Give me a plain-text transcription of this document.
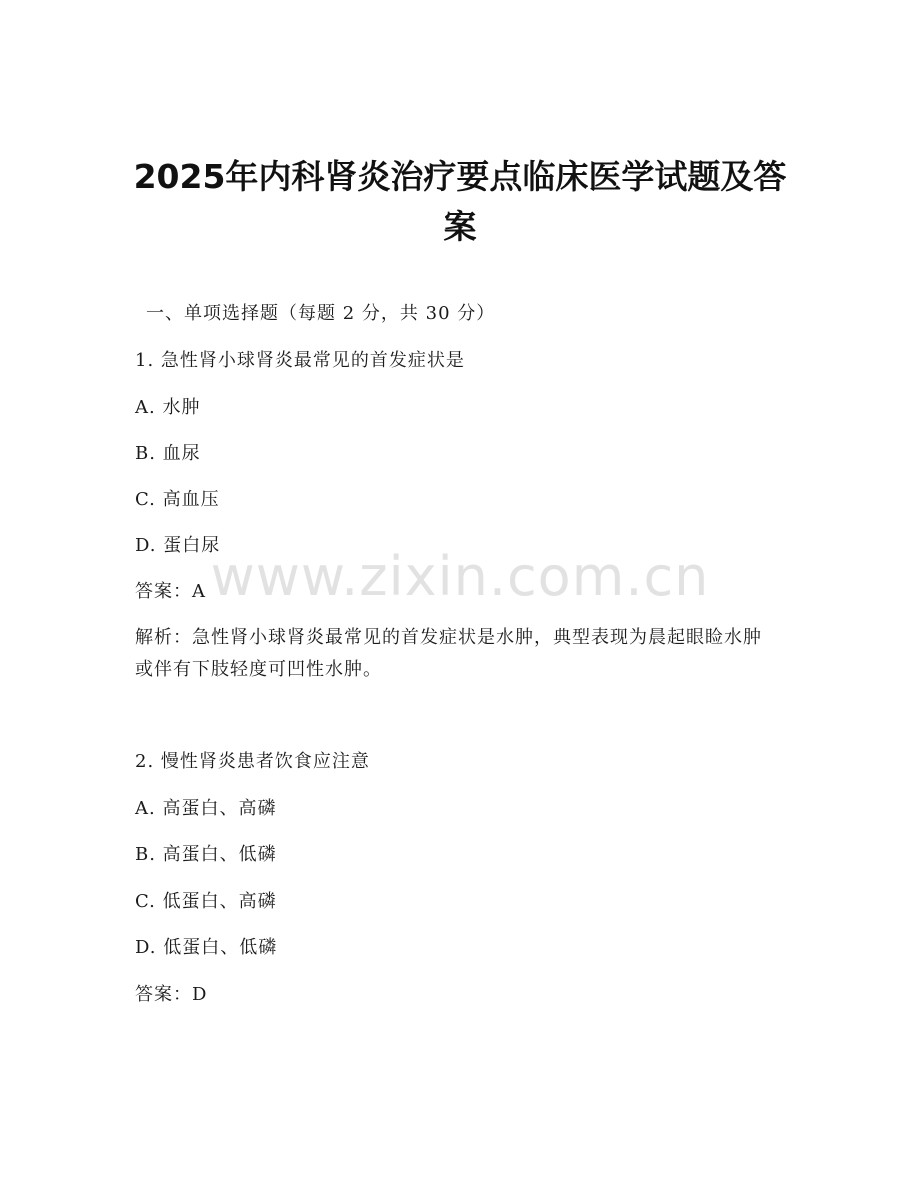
2025年内科肾炎治疗要点临床医学试题及答
案
一、单项选择题（每题 2 分，共 30 分）
1. 急性肾小球肾炎最常见的首发症状是
A. 水肿
B. 血尿
C. 高血压
D. 蛋白尿
答案：A
解析：急性肾小球肾炎最常见的首发症状是水肿，典型表现为晨起眼睑水肿或伴有下肢轻度可凹性水肿。
2. 慢性肾炎患者饮食应注意
A. 高蛋白、高磷
B. 高蛋白、低磷
C. 低蛋白、高磷
D. 低蛋白、低磷
答案：D
www.zixin.com.cn
